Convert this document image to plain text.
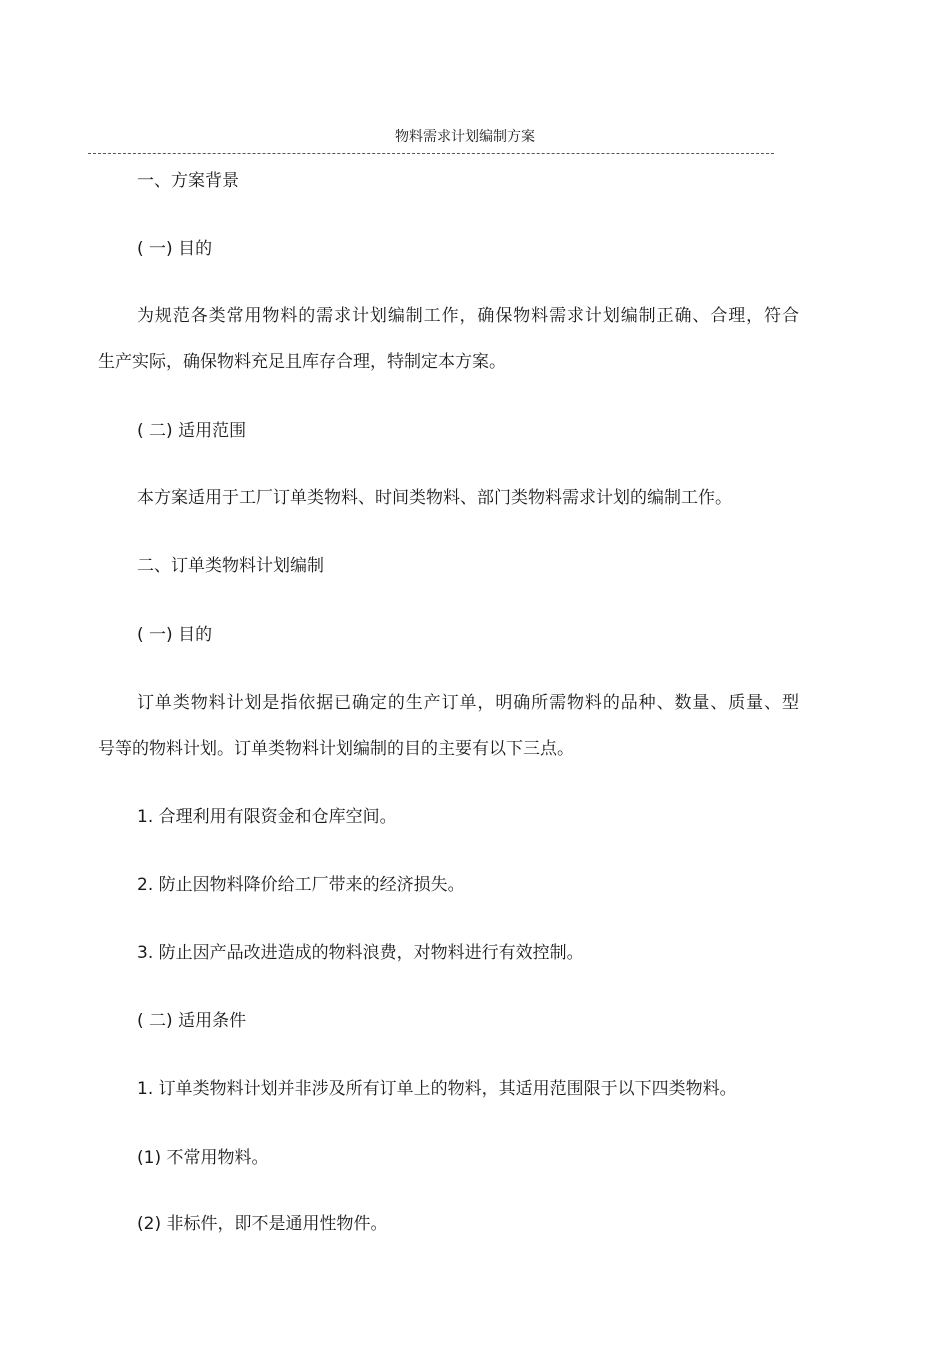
物料需求计划编制方案
一、方案背景
( 一) 目的
为规范各类常用物料的需求计划编制工作，确保物料需求计划编制正确、合理，符合
生产实际，确保物料充足且库存合理，特制定本方案。
( 二) 适用范围
本方案适用于工厂订单类物料、时间类物料、部门类物料需求计划的编制工作。
二、订单类物料计划编制
( 一) 目的
订单类物料计划是指依据已确定的生产订单，明确所需物料的品种、数量、质量、型
号等的物料计划。订单类物料计划编制的目的主要有以下三点。
1. 合理利用有限资金和仓库空间。
2. 防止因物料降价给工厂带来的经济损失。
3. 防止因产品改进造成的物料浪费，对物料进行有效控制。
( 二) 适用条件
1. 订单类物料计划并非涉及所有订单上的物料，其适用范围限于以下四类物料。
(1) 不常用物料。
(2) 非标件，即不是通用性物件。
